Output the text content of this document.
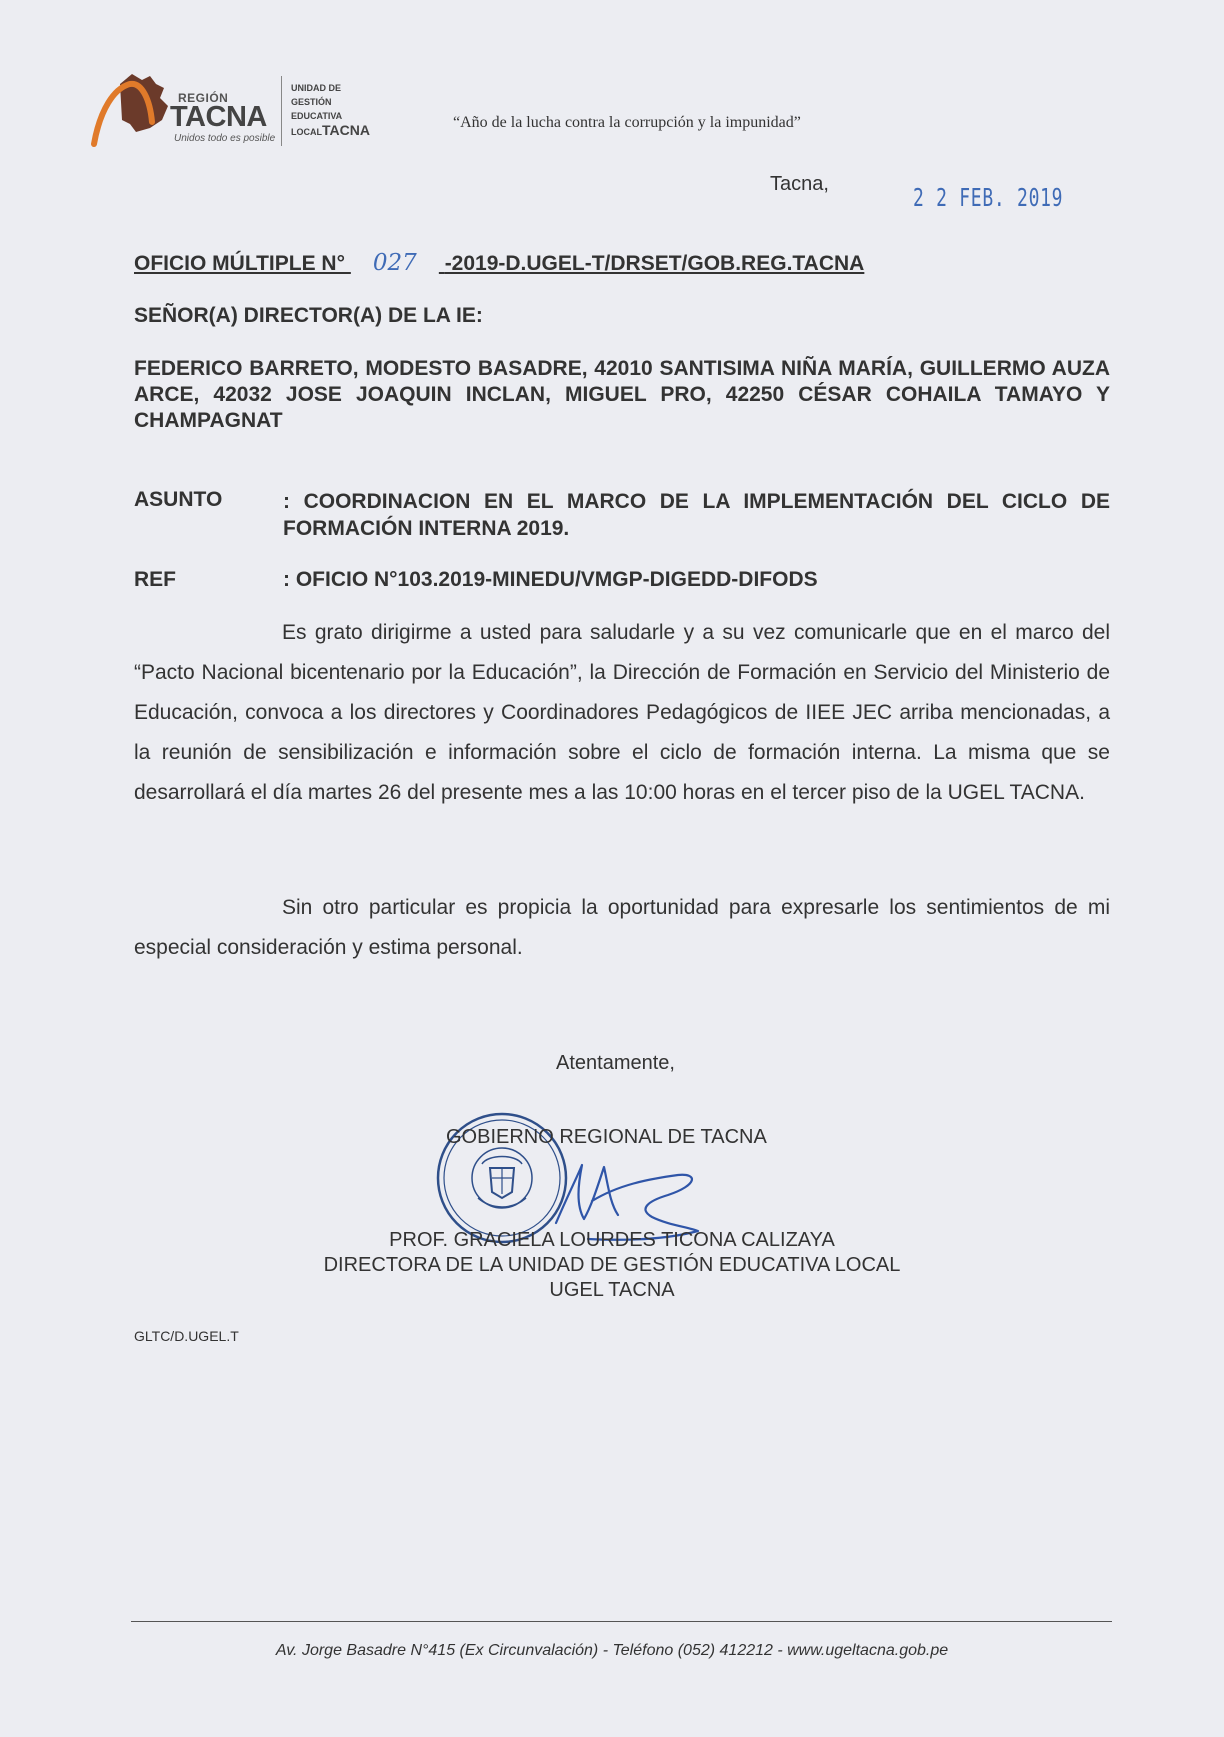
REGIÓN
TACNA
Unidos todo es posible
UNIDAD DE
GESTIÓN
EDUCATIVA
LOCALTACNA	“Año de la lucha contra la corrupción y la impunidad”
Tacna,	2 2 FEB. 2019
OFICIO MÚLTIPLE N° 027 -2019-D.UGEL-T/DRSET/GOB.REG.TACNA
SEÑOR(A) DIRECTOR(A) DE LA IE:
FEDERICO BARRETO, MODESTO BASADRE, 42010 SANTISIMA NIÑA MARÍA, GUILLERMO AUZA ARCE, 42032 JOSE JOAQUIN INCLAN, MIGUEL PRO, 42250 CÉSAR COHAILA TAMAYO Y CHAMPAGNAT
ASUNTO	: COORDINACION EN EL MARCO DE LA IMPLEMENTACIÓN DEL CICLO DE FORMACIÓN INTERNA 2019.
REF	: OFICIO N°103.2019-MINEDU/VMGP-DIGEDD-DIFODS
Es grato dirigirme a usted para saludarle y a su vez comunicarle que en el marco del “Pacto Nacional bicentenario por la Educación”, la Dirección de Formación en Servicio del Ministerio de Educación, convoca a los directores y Coordinadores Pedagógicos de IIEE JEC arriba mencionadas, a la reunión de sensibilización e información sobre el ciclo de formación interna. La misma que se desarrollará el día martes 26 del presente mes a las 10:00 horas en el tercer piso de la UGEL TACNA.
Sin otro particular es propicia la oportunidad para expresarle los sentimientos de mi especial consideración y estima personal.
Atentamente,
GOBIERNO REGIONAL DE TACNA
PROF. GRACIELA LOURDES TICONA CALIZAYA
DIRECTORA DE LA UNIDAD DE GESTIÓN EDUCATIVA LOCAL
UGEL TACNA
GLTC/D.UGEL.T
Av. Jorge Basadre N°415 (Ex Circunvalación) - Teléfono (052) 412212 - www.ugeltacna.gob.pe
